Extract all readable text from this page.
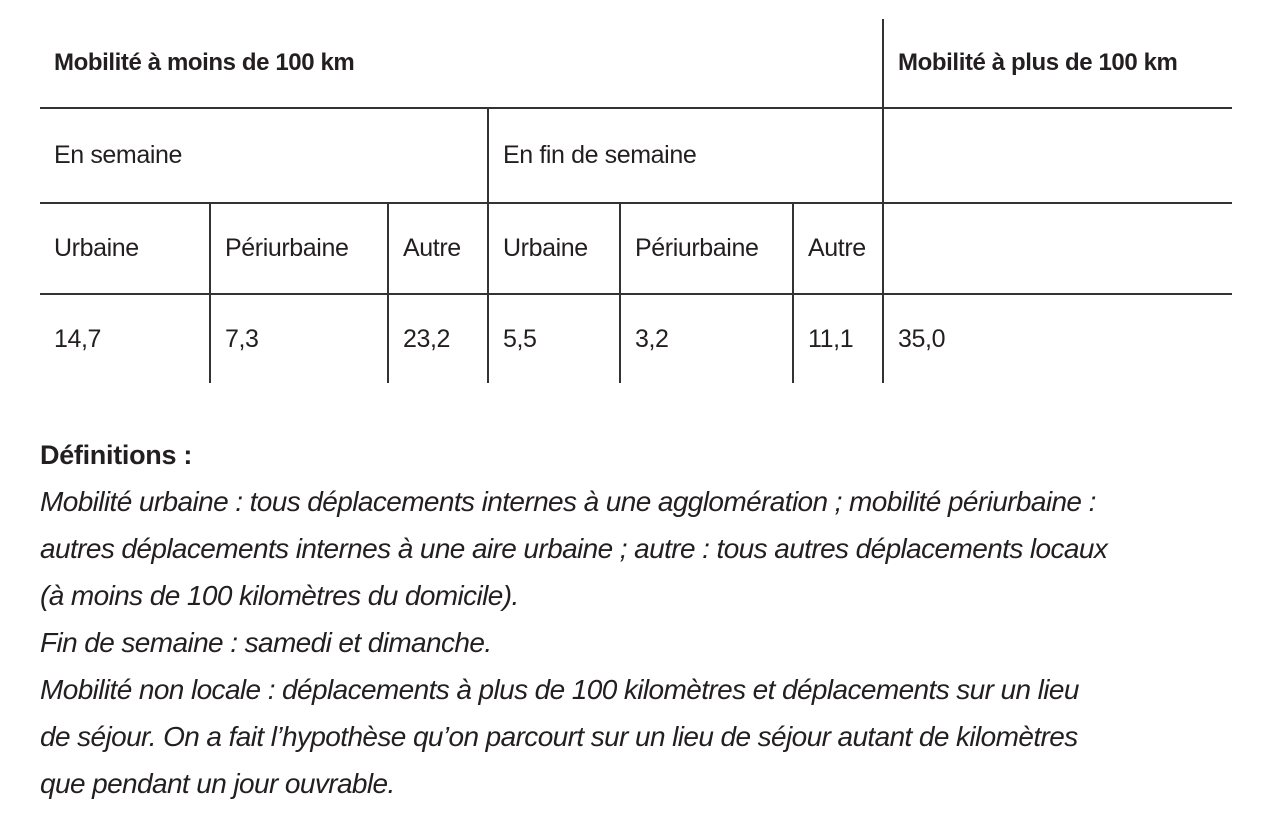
Mobilité à moins de 100 km						Mobilité à plus de 100 km
En semaine			En fin de semaine			
Urbaine	Périurbaine	Autre	Urbaine	Périurbaine	Autre	
14,7	7,3	23,2	5,5	3,2	11,1	35,0
Définitions :
Mobilité urbaine : tous déplacements internes à une agglomération ; mobilité périurbaine :
autres déplacements internes à une aire urbaine ; autre : tous autres déplacements locaux
(à moins de 100 kilomètres du domicile).
Fin de semaine : samedi et dimanche.
Mobilité non locale : déplacements à plus de 100 kilomètres et déplacements sur un lieu
de séjour. On a fait l’hypothèse qu’on parcourt sur un lieu de séjour autant de kilomètres
que pendant un jour ouvrable.
